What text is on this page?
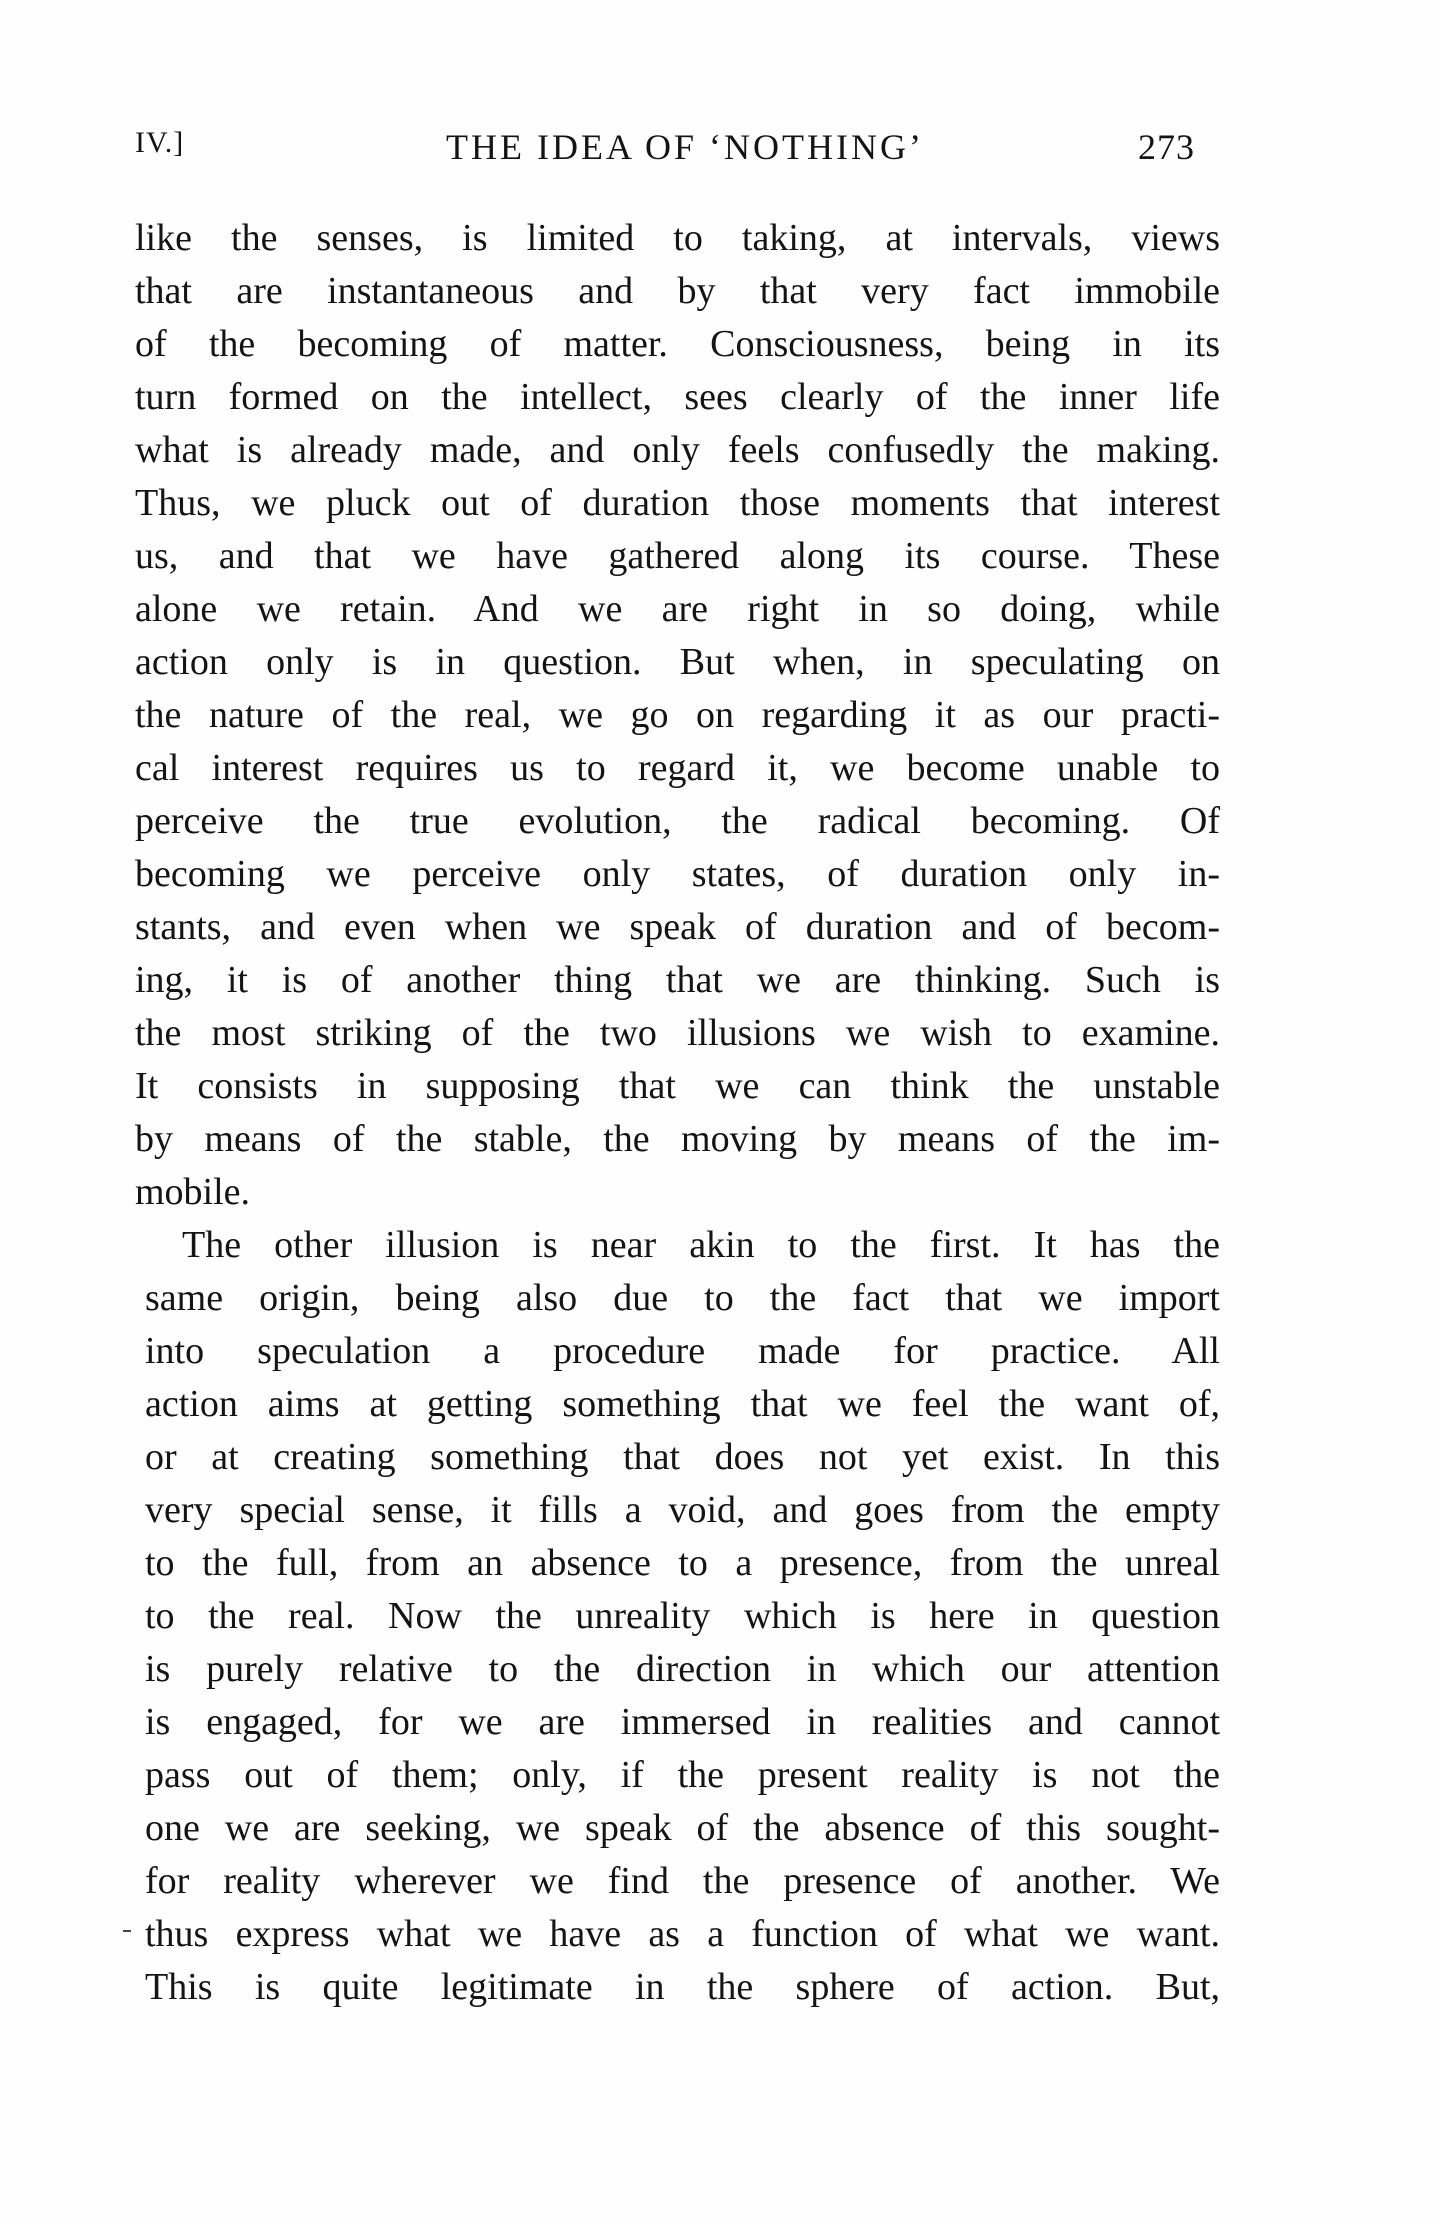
IV.]	THE IDEA OF ‘NOTHING’	273
like the senses, is limited to taking, at intervals, views
that are instantaneous and by that very fact immobile
of the becoming of matter. Consciousness, being in its
turn formed on the intellect, sees clearly of the inner life
what is already made, and only feels confusedly the making.
Thus, we pluck out of duration those moments that interest
us, and that we have gathered along its course. These
alone we retain. And we are right in so doing, while
action only is in question. But when, in speculating on
the nature of the real, we go on regarding it as our practi-
cal interest requires us to regard it, we become unable to
perceive the true evolution, the radical becoming. Of
becoming we perceive only states, of duration only in-
stants, and even when we speak of duration and of becom-
ing, it is of another thing that we are thinking. Such is
the most striking of the two illusions we wish to examine.
It consists in supposing that we can think the unstable
by means of the stable, the moving by means of the im-
mobile.
The other illusion is near akin to the first. It has the
same origin, being also due to the fact that we import
into speculation a procedure made for practice. All
action aims at getting something that we feel the want of,
or at creating something that does not yet exist. In this
very special sense, it fills a void, and goes from the empty
to the full, from an absence to a presence, from the unreal
to the real. Now the unreality which is here in question
is purely relative to the direction in which our attention
is engaged, for we are immersed in realities and cannot
pass out of them; only, if the present reality is not the
one we are seeking, we speak of the absence of this sought-
for reality wherever we find the presence of another. We
thus express what we have as a function of what we want.
This is quite legitimate in the sphere of action. But,
